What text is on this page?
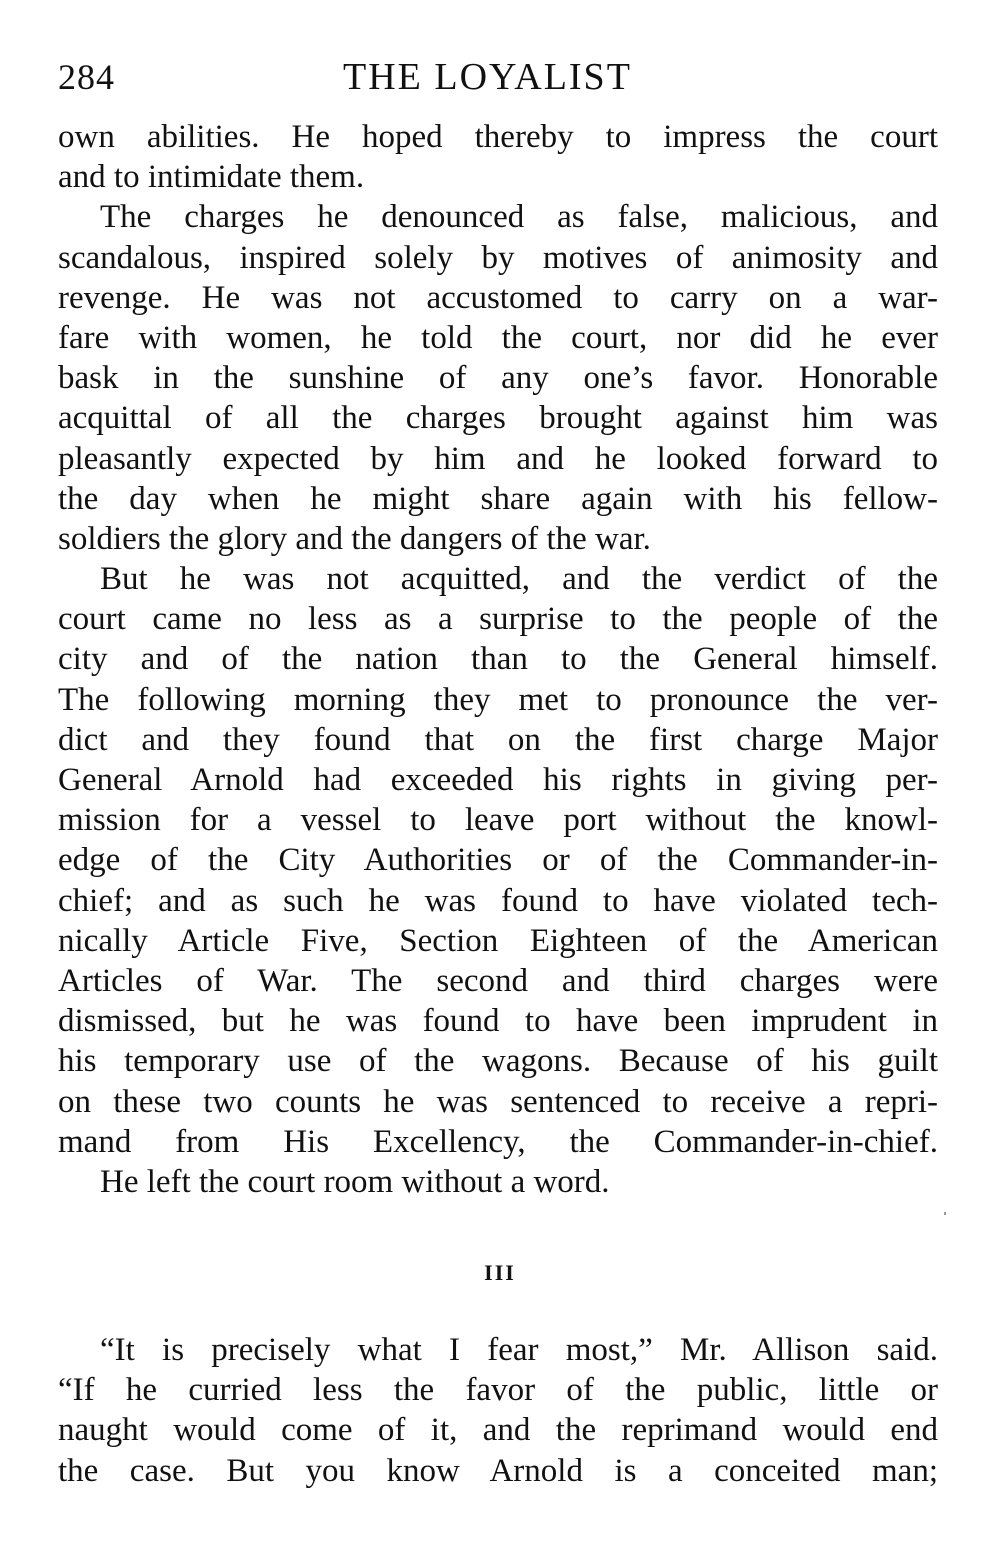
284	THE LOYALIST
own abilities. He hoped thereby to impress the court
and to intimidate them.
The charges he denounced as false, malicious, and
scandalous, inspired solely by motives of animosity and
revenge. He was not accustomed to carry on a war-
fare with women, he told the court, nor did he ever
bask in the sunshine of any one’s favor. Honorable
acquittal of all the charges brought against him was
pleasantly expected by him and he looked forward to
the day when he might share again with his fellow-
soldiers the glory and the dangers of the war.
But he was not acquitted, and the verdict of the
court came no less as a surprise to the people of the
city and of the nation than to the General himself.
The following morning they met to pronounce the ver-
dict and they found that on the first charge Major
General Arnold had exceeded his rights in giving per-
mission for a vessel to leave port without the knowl-
edge of the City Authorities or of the Commander-in-
chief; and as such he was found to have violated tech-
nically Article Five, Section Eighteen of the American
Articles of War. The second and third charges were
dismissed, but he was found to have been imprudent in
his temporary use of the wagons. Because of his guilt
on these two counts he was sentenced to receive a repri-
mand from His Excellency, the Commander-in-chief.
He left the court room without a word.
III
“It is precisely what I fear most,” Mr. Allison said.
“If he curried less the favor of the public, little or
naught would come of it, and the reprimand would end
the case. But you know Arnold is a conceited man;
